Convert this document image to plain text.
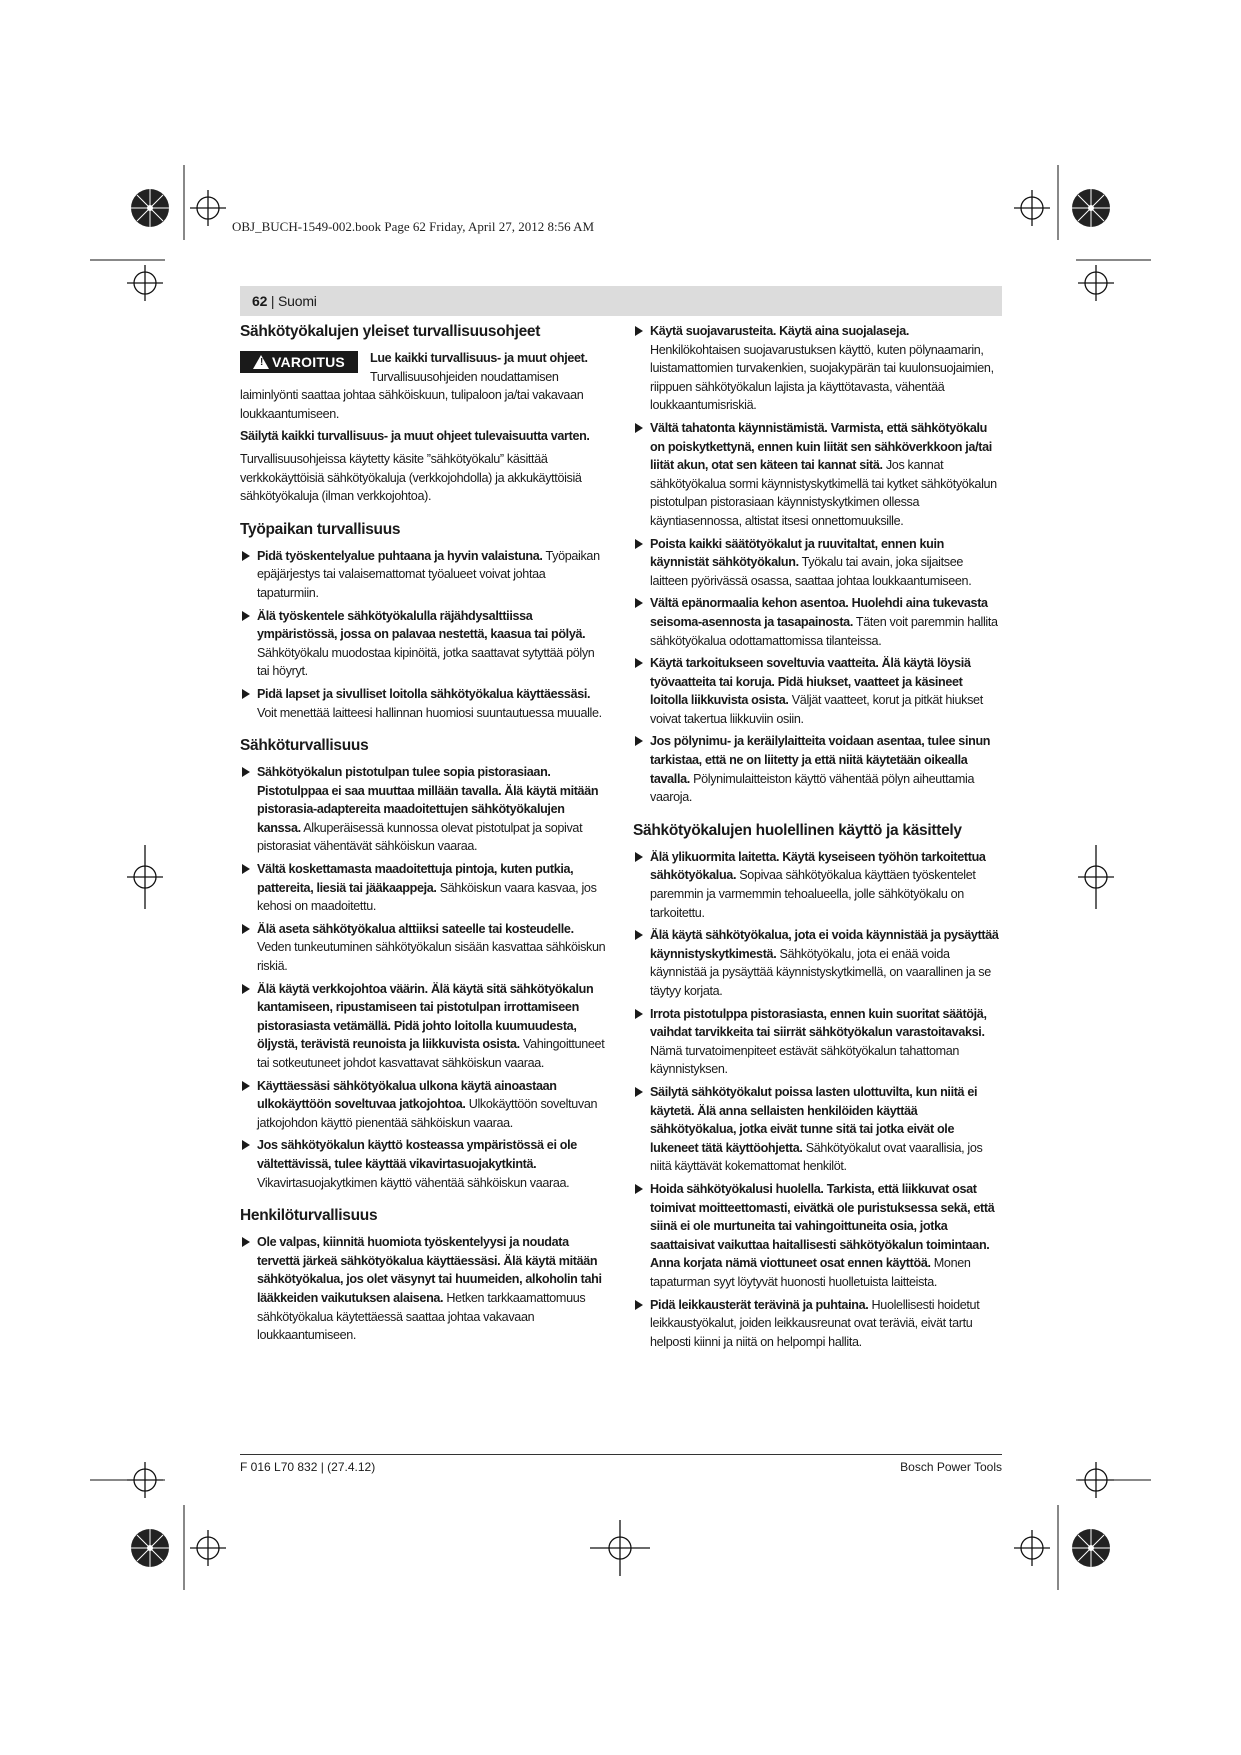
OBJ_BUCH-1549-002.book Page 62 Friday, April 27, 2012 8:56 AM
62 | Suomi
Sähkötyökalujen yleiset turvallisuusohjeet
! VAROITUS Lue kaikki turvallisuus- ja muut ohjeet. Turvallisuusohjeiden noudattamisen laiminlyönti saattaa johtaa sähköiskuun, tulipaloon ja/tai vakavaan loukkaantumiseen.

Säilytä kaikki turvallisuus- ja muut ohjeet tulevaisuutta varten.

Turvallisuusohjeissa käytetty käsite ”sähkötyökalu” käsittää verkkokäyttöisiä sähkötyökaluja (verkkojohdolla) ja akkukäyttöisiä sähkötyökaluja (ilman verkkojohtoa).

Työpaikan turvallisuus
Pidä työskentelyalue puhtaana ja hyvin valaistuna. Työpaikan epäjärjestys tai valaisemattomat työalueet voivat johtaa tapaturmiin.
Älä työskentele sähkötyökalulla räjähdysalttiissa ympäristössä, jossa on palavaa nestettä, kaasua tai pölyä. Sähkötyökalu muodostaa kipinöitä, jotka saattavat sytyttää pölyn tai höyryt.
Pidä lapset ja sivulliset loitolla sähkötyökalua käyttäessäsi. Voit menettää laitteesi hallinnan huomiosi suuntautuessa muualle.
Sähköturvallisuus
Sähkötyökalun pistotulpan tulee sopia pistorasiaan. Pistotulppaa ei saa muuttaa millään tavalla. Älä käytä mitään pistorasia-adaptereita maadoitettujen sähkötyökalujen kanssa. Alkuperäisessä kunnossa olevat pistotulpat ja sopivat pistorasiat vähentävät sähköiskun vaaraa.
Vältä koskettamasta maadoitettuja pintoja, kuten putkia, pattereita, liesiä tai jääkaappeja. Sähköiskun vaara kasvaa, jos kehosi on maadoitettu.
Älä aseta sähkötyökalua alttiiksi sateelle tai kosteudelle. Veden tunkeutuminen sähkötyökalun sisään kasvattaa sähköiskun riskiä.
Älä käytä verkkojohtoa väärin. Älä käytä sitä sähkötyökalun kantamiseen, ripustamiseen tai pistotulpan irrottamiseen pistorasiasta vetämällä. Pidä johto loitolla kuumuudesta, öljystä, terävistä reunoista ja liikkuvista osista. Vahingoittuneet tai sotkeutuneet johdot kasvattavat sähköiskun vaaraa.
Käyttäessäsi sähkötyökalua ulkona käytä ainoastaan ulkokäyttöön soveltuvaa jatkojohtoa. Ulkokäyttöön soveltuvan jatkojohdon käyttö pienentää sähköiskun vaaraa.
Jos sähkötyökalun käyttö kosteassa ympäristössä ei ole vältettävissä, tulee käyttää vikavirtasuojakytkintä. Vikavirtasuojakytkimen käyttö vähentää sähköiskun vaaraa.
Henkilöturvallisuus
Ole valpas, kiinnitä huomiota työskentelyysi ja noudata tervettä järkeä sähkötyökalua käyttäessäsi. Älä käytä mitään sähkötyökalua, jos olet väsynyt tai huumeiden, alkoholin tahi lääkkeiden vaikutuksen alaisena. Hetken tarkkaamattomuus sähkötyökalua käytettäessä saattaa johtaa vakavaan loukkaantumiseen.
Käytä suojavarusteita. Käytä aina suojalaseja. Henkilökohtaisen suojavarustuksen käyttö, kuten pölynaamarin, luistamattomien turvakenkien, suojakypärän tai kuulonsuojaimien, riippuen sähkötyökalun lajista ja käyttötavasta, vähentää loukkaantumisriskiä.
Vältä tahatonta käynnistämistä. Varmista, että sähkötyökalu on poiskytkettynä, ennen kuin liität sen sähköverkkoon ja/tai liität akun, otat sen käteen tai kannat sitä. Jos kannat sähkötyökalua sormi käynnistyskytkimellä tai kytket sähkötyökalun pistotulpan pistorasiaan käynnistyskytkimen ollessa käyntiasennossa, altistat itsesi onnettomuuksille.
Poista kaikki säätötyökalut ja ruuvitaltat, ennen kuin käynnistät sähkötyökalun. Työkalu tai avain, joka sijaitsee laitteen pyörivässä osassa, saattaa johtaa loukkaantumiseen.
Vältä epänormaalia kehon asentoa. Huolehdi aina tukevasta seisoma-asennosta ja tasapainosta. Täten voit paremmin hallita sähkötyökalua odottamattomissa tilanteissa.
Käytä tarkoitukseen soveltuvia vaatteita. Älä käytä löysiä työvaatteita tai koruja. Pidä hiukset, vaatteet ja käsineet loitolla liikkuvista osista. Väljät vaatteet, korut ja pitkät hiukset voivat takertua liikkuviin osiin.
Jos pölynimu- ja keräilylaitteita voidaan asentaa, tulee sinun tarkistaa, että ne on liitetty ja että niitä käytetään oikealla tavalla. Pölynimulaitteiston käyttö vähentää pölyn aiheuttamia vaaroja.
Sähkötyökalujen huolellinen käyttö ja käsittely
Älä ylikuormita laitetta. Käytä kyseiseen työhön tarkoitettua sähkötyökalua. Sopivaa sähkötyökalua käyttäen työskentelet paremmin ja varmemmin tehoalueella, jolle sähkötyökalu on tarkoitettu.
Älä käytä sähkötyökalua, jota ei voida käynnistää ja pysäyttää käynnistyskytkimestä. Sähkötyökalu, jota ei enää voida käynnistää ja pysäyttää käynnistyskytkimellä, on vaarallinen ja se täytyy korjata.
Irrota pistotulppa pistorasiasta, ennen kuin suoritat säätöjä, vaihdat tarvikkeita tai siirrät sähkötyökalun varastoitavaksi. Nämä turvatoimenpiteet estävät sähkötyökalun tahattoman käynnistyksen.
Säilytä sähkötyökalut poissa lasten ulottuvilta, kun niitä ei käytetä. Älä anna sellaisten henkilöiden käyttää sähkötyökalua, jotka eivät tunne sitä tai jotka eivät ole lukeneet tätä käyttöohjetta. Sähkötyökalut ovat vaarallisia, jos niitä käyttävät kokemattomat henkilöt.
Hoida sähkötyökalusi huolella. Tarkista, että liikkuvat osat toimivat moitteettomasti, eivätkä ole puristuksessa sekä, että siinä ei ole murtuneita tai vahingoittuneita osia, jotka saattaisivat vaikuttaa haitallisesti sähkötyökalun toimintaan. Anna korjata nämä viottuneet osat ennen käyttöä. Monen tapaturman syyt löytyvät huonosti huolletuista laitteista.
Pidä leikkausterät terävinä ja puhtaina. Huolellisesti hoidetut leikkaustyökalut, joiden leikkausreunat ovat teräviä, eivät tartu helposti kiinni ja niitä on helpompi hallita.
F 016 L70 832 | (27.4.12)	Bosch Power Tools
